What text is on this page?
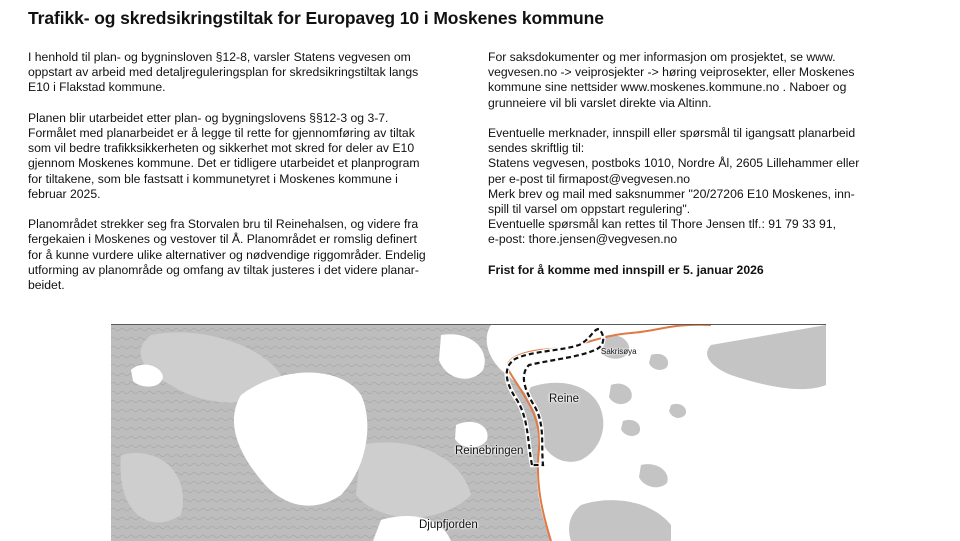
Trafikk- og skredsikringstiltak for Europaveg 10 i Moskenes kommune

I henhold til plan- og bygninsloven §12-8, varsler Statens vegvesen om
oppstart av arbeid med detaljreguleringsplan for skredsikringstiltak langs
E10 i Flakstad kommune.

Planen blir utarbeidet etter plan- og bygningslovens §§12-3 og 3-7.
Formålet med planarbeidet er å legge til rette for gjennomføring av tiltak
som vil bedre trafikksikkerheten og sikkerhet mot skred for deler av E10
gjennom Moskenes kommune. Det er tidligere utarbeidet et planprogram
for tiltakene, som ble fastsatt i kommunetyret i Moskenes kommune i
februar 2025.

Planområdet strekker seg fra Storvalen bru til Reinehalsen, og videre fra
fergekaien i Moskenes og vestover til Å. Planområdet er romslig definert
for å kunne vurdere ulike alternativer og nødvendige riggområder. Endelig
utforming av planområde og omfang av tiltak justeres i det videre planar-
beidet.

For saksdokumenter og mer informasjon om prosjektet, se www.
vegvesen.no -> veiprosjekter -> høring veiprosekter, eller Moskenes
kommune sine nettsider www.moskenes.kommune.no . Naboer og
grunneiere vil bli varslet direkte via Altinn.

Eventuelle merknader, innspill eller spørsmål til igangsatt planarbeid
sendes skriftlig til:
Statens vegvesen, postboks 1010, Nordre Ål, 2605 Lillehammer eller
per e-post til firmapost@vegvesen.no
Merk brev og mail med saksnummer "20/27206 E10 Moskenes, inn-
spill til varsel om oppstart regulering".
Eventuelle spørsmål kan rettes til Thore Jensen tlf.: 91 79 33 91,
e-post: thore.jensen@vegvesen.no

Frist for å komme med innspill er 5. januar 2026

Sakrisøya
Reine
Reinebringen
Djupfjorden
